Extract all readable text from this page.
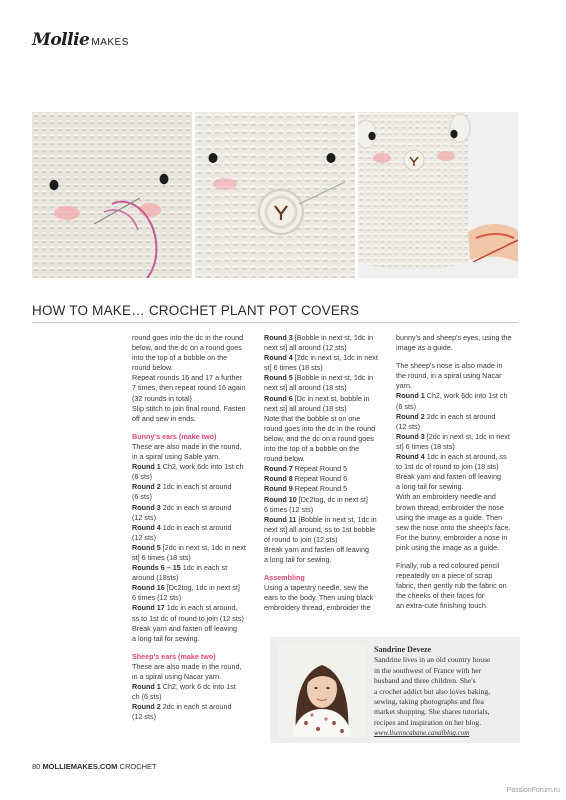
Mollie MAKES
HOW TO MAKE… CROCHET PLANT POT COVERS

round goes into the dc in the round
below, and the dc on a round goes
into the top of a bobble on the
round below.
Repeat rounds 16 and 17 a further
7 times, then repeat round 16 again
(32 rounds in total)
Slip stitch to join final round. Fasten
off and sew in ends.

Bunny's ears (make two)
These are also made in the round,
in a spiral using Sable yarn.
Round 1 Ch2, work 6dc into 1st ch
(6 sts)
Round 2 1dc in each st around
(6 sts)
Round 3 2dc in each st around
(12 sts)
Round 4 1dc in each st around
(12 sts)
Round 5 [2dc in next st, 1dc in next
st] 6 times (18 sts)
Rounds 6 – 15 1dc in each st
around (18sts)
Round 16 [Dc2tog, 1dc in next st]
6 times (12 sts)
Round 17 1dc in each st around,
ss to 1st dc of round to join (12 sts)
Break yarn and fasten off leaving
a long tail for sewing.

Sheep's ears (make two)
These are also made in the round,
in a spiral using Nacar yarn.
Round 1 Ch2, work 6 dc into 1st
ch (6 sts)
Round 2 2dc in each st around
(12 sts)

Round 3 [Bobble in next st, 1dc in
next st] all around (12 sts)
Round 4 [2dc in next st, 1dc in next
st] 6 times (18 sts)
Round 5 [Bobble in next st, 1dc in
next st] all around (18 sts)
Round 6 [Dc in next st, bobble in
next st] all around (18 sts)
Note that the bobble st on one
round goes into the dc in the round
below, and the dc on a round goes
into the top of a bobble on the
round below.
Round 7 Repeat Round 5
Round 8 Repeat Round 6
Round 9 Repeat Round 5
Round 10 [Dc2tog, dc in next st]
6 times (12 sts)
Round 11 [Bobble in next st, 1dc in
next st] all around, ss to 1st bobble
of round to join (12 sts)
Break yarn and fasten off leaving
a long tail for sewing.

Assembling
Using a tapestry needle, sew the
ears to the body. Then using black
embroidery thread, embroider the

bunny's and sheep's eyes, using the
image as a guide.

The sheep's nose is also made in
the round, in a spiral using Nacar
yarn.
Round 1 Ch2, work 6dc into 1st ch
(6 sts)
Round 2 2dc in each st around
(12 sts)
Round 3 [2dc in next st, 1dc in next
st] 6 times (18 sts)
Round 4 1dc in each st around, ss
to 1st dc of round to join (18 sts)
Break yarn and fasten off leaving
a long tail for sewing.
With an embroidery needle and
brown thread, embroider the nose
using the image as a guide. Then
sew the nose onto the sheep's face.
For the bunny, embroider a nose in
pink using the image as a guide.

Finally, rub a red coloured pencil
repeatedly on a piece of scrap
fabric, then gently rub the fabric on
the cheeks of their faces for
an extra-cute finishing touch.

Sandrine Deveze
Sandrine lives in an old country house
in the southwest of France with her
husband and three children. She's
a crochet addict but also loves baking,
sewing, taking photographs and flea
market shopping. She shares tutorials,
recipes and inspiration on her blog.
www.lisenncabane.canalblog.com
80 MOLLIEMAKES.COM CROCHET
PassionForum.ru
